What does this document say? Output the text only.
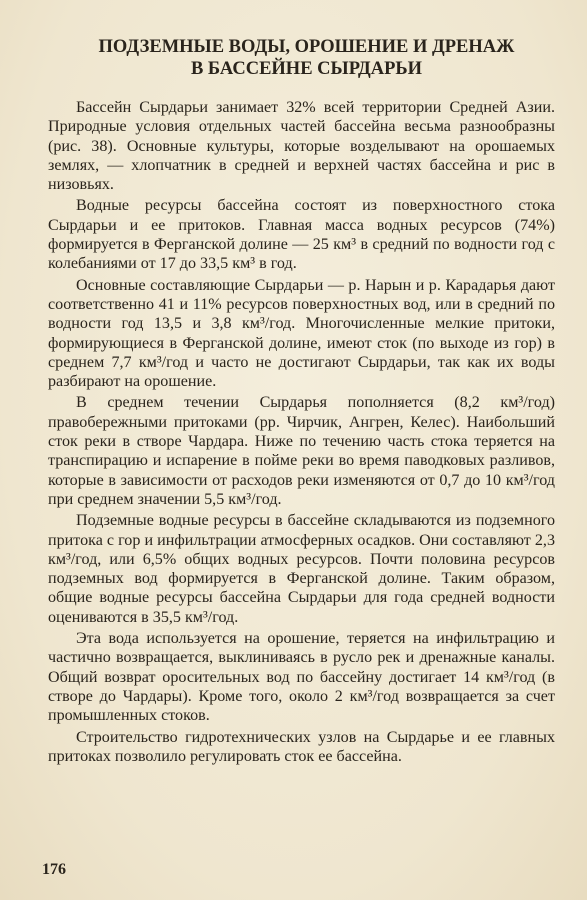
ПОДЗЕМНЫЕ ВОДЫ, ОРОШЕНИЕ И ДРЕНАЖ
В БАССЕЙНЕ СЫРДАРЬИ

Бассейн Сырдарьи занимает 32% всей территории Средней Азии. Природные условия отдельных частей бассейна весьма разнообразны (рис. 38). Основные культуры, которые возделывают на орошаемых землях, — хлопчатник в средней и верхней частях бассейна и рис в низовьях.

Водные ресурсы бассейна состоят из поверхностного стока Сырдарьи и ее притоков. Главная масса водных ресурсов (74%) формируется в Ферганской долине — 25 км³ в средний по водности год с колебаниями от 17 до 33,5 км³ в год.

Основные составляющие Сырдарьи — р. Нарын и р. Карадарья дают соответственно 41 и 11% ресурсов поверхностных вод, или в средний по водности год 13,5 и 3,8 км³/год. Многочисленные мелкие притоки, формирующиеся в Ферганской долине, имеют сток (по выходе из гор) в среднем 7,7 км³/год и часто не достигают Сырдарьи, так как их воды разбирают на орошение.

В среднем течении Сырдарья пополняется (8,2 км³/год) правобережными притоками (рр. Чирчик, Ангрен, Келес). Наибольший сток реки в створе Чардара. Ниже по течению часть стока теряется на транспирацию и испарение в пойме реки во время паводковых разливов, которые в зависимости от расходов реки изменяются от 0,7 до 10 км³/год при среднем значении 5,5 км³/год.

Подземные водные ресурсы в бассейне складываются из подземного притока с гор и инфильтрации атмосферных осадков. Они составляют 2,3 км³/год, или 6,5% общих водных ресурсов. Почти половина ресурсов подземных вод формируется в Ферганской долине. Таким образом, общие водные ресурсы бассейна Сырдарьи для года средней водности оцениваются в 35,5 км³/год.

Эта вода используется на орошение, теряется на инфильтрацию и частично возвращается, выклиниваясь в русло рек и дренажные каналы. Общий возврат оросительных вод по бассейну достигает 14 км³/год (в створе до Чардары). Кроме того, около 2 км³/год возвращается за счет промышленных стоков.

Строительство гидротехнических узлов на Сырдарье и ее главных притоках позволило регулировать сток ее бассейна.

176
